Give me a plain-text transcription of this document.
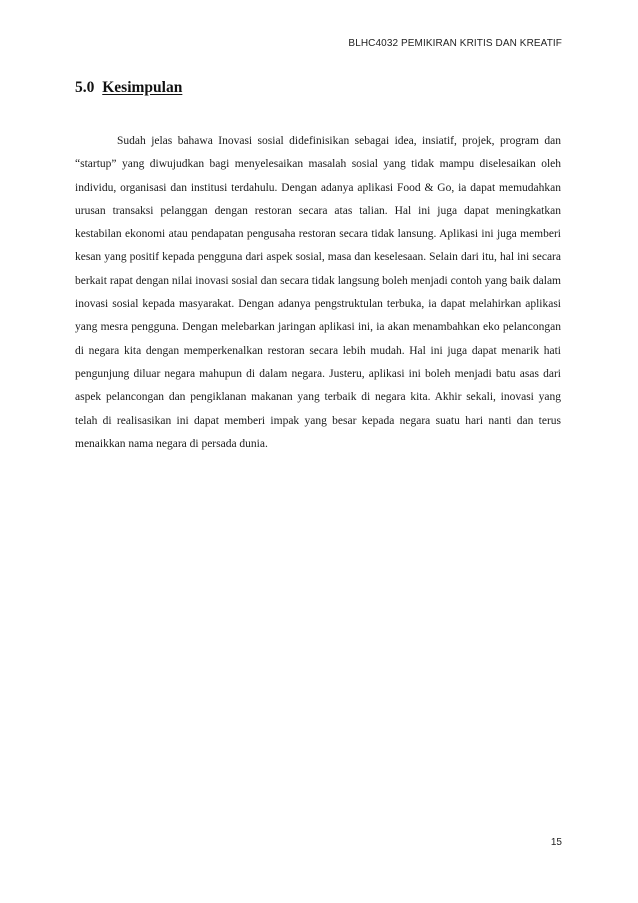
BLHC4032 PEMIKIRAN KRITIS DAN KREATIF
5.0 Kesimpulan

Sudah jelas bahawa Inovasi sosial didefinisikan sebagai idea, insiatif, projek, program dan “startup” yang diwujudkan bagi menyelesaikan masalah sosial yang tidak mampu diselesaikan oleh individu, organisasi dan institusi terdahulu. Dengan adanya aplikasi Food & Go, ia dapat memudahkan urusan transaksi pelanggan dengan restoran secara atas talian. Hal ini juga dapat meningkatkan kestabilan ekonomi atau pendapatan pengusaha restoran secara tidak lansung. Aplikasi ini juga memberi kesan yang positif kepada pengguna dari aspek sosial, masa dan keselesaan. Selain dari itu, hal ini secara berkait rapat dengan nilai inovasi sosial dan secara tidak langsung boleh menjadi contoh yang baik dalam inovasi sosial kepada masyarakat. Dengan adanya pengstruktulan terbuka, ia dapat melahirkan aplikasi yang mesra pengguna. Dengan melebarkan jaringan aplikasi ini, ia akan menambahkan eko pelancongan di negara kita dengan memperkenalkan restoran secara lebih mudah. Hal ini juga dapat menarik hati pengunjung diluar negara mahupun di dalam negara. Justeru, aplikasi ini boleh menjadi batu asas dari aspek pelancongan dan pengiklanan makanan yang terbaik di negara kita. Akhir sekali, inovasi yang telah di realisasikan ini dapat memberi impak yang besar kepada negara suatu hari nanti dan terus menaikkan nama negara di persada dunia.

15
